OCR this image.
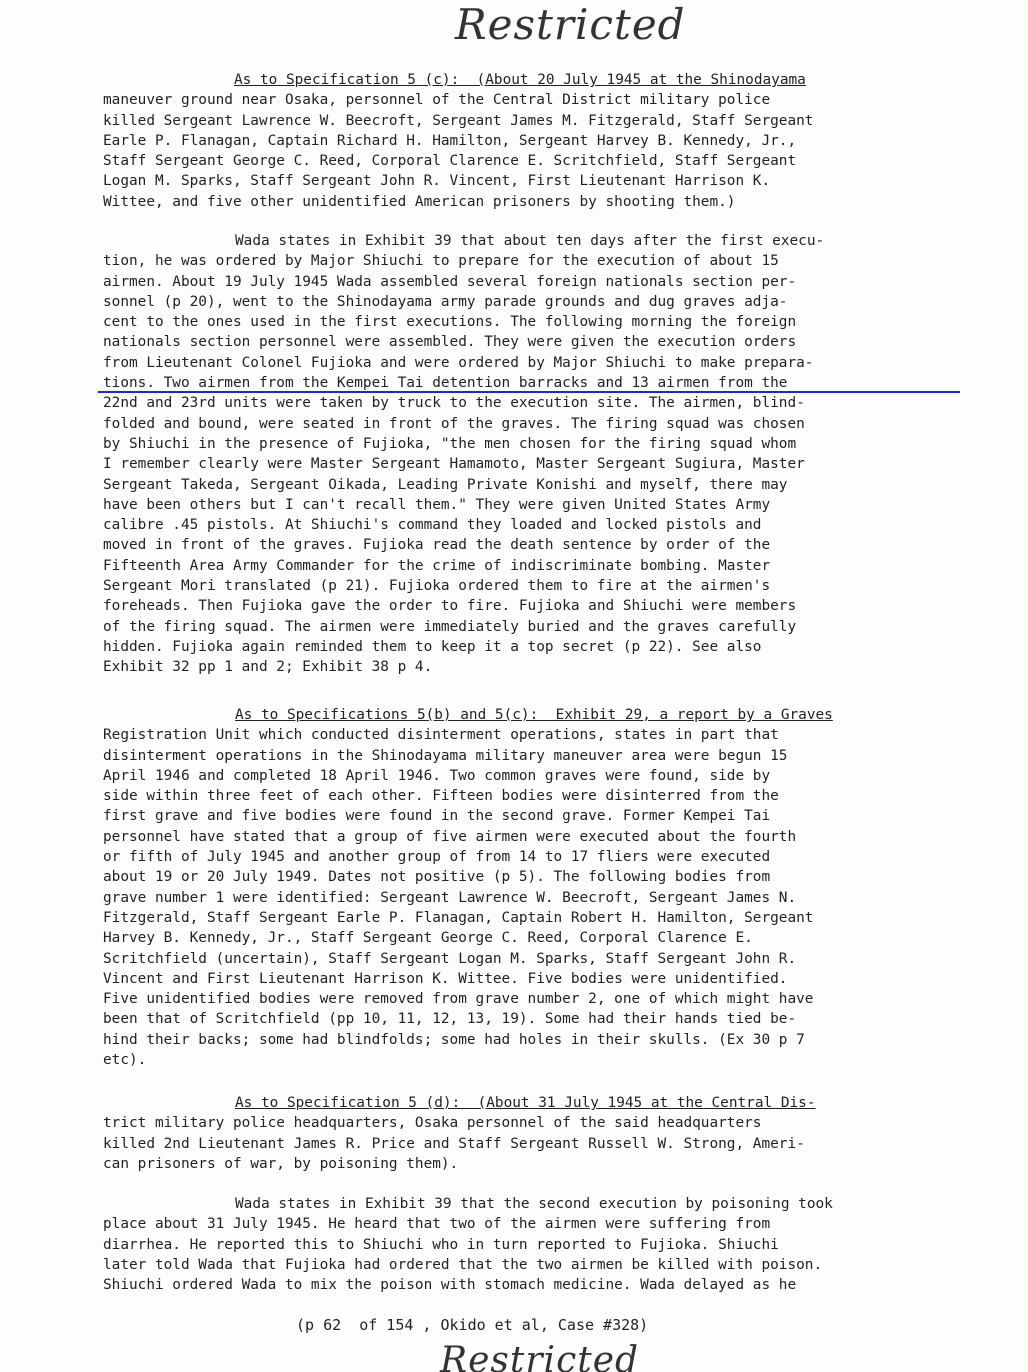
Restricted
As to Specification 5 (c):  (About 20 July 1945 at the Shinodayama
maneuver ground near Osaka, personnel of the Central District military police
killed Sergeant Lawrence W. Beecroft, Sergeant James M. Fitzgerald, Staff Sergeant
Earle P. Flanagan, Captain Richard H. Hamilton, Sergeant Harvey B. Kennedy, Jr.,
Staff Sergeant George C. Reed, Corporal Clarence E. Scritchfield, Staff Sergeant
Logan M. Sparks, Staff Sergeant John R. Vincent, First Lieutenant Harrison K.
Wittee, and five other unidentified American prisoners by shooting them.)
Wada states in Exhibit 39 that about ten days after the first execu-
tion, he was ordered by Major Shiuchi to prepare for the execution of about 15
airmen. About 19 July 1945 Wada assembled several foreign nationals section per-
sonnel (p 20), went to the Shinodayama army parade grounds and dug graves adja-
cent to the ones used in the first executions. The following morning the foreign
nationals section personnel were assembled. They were given the execution orders
from Lieutenant Colonel Fujioka and were ordered by Major Shiuchi to make prepara-
tions. Two airmen from the Kempei Tai detention barracks and 13 airmen from the
22nd and 23rd units were taken by truck to the execution site. The airmen, blind-
folded and bound, were seated in front of the graves. The firing squad was chosen
by Shiuchi in the presence of Fujioka, "the men chosen for the firing squad whom
I remember clearly were Master Sergeant Hamamoto, Master Sergeant Sugiura, Master
Sergeant Takeda, Sergeant Oikada, Leading Private Konishi and myself, there may
have been others but I can't recall them." They were given United States Army
calibre .45 pistols. At Shiuchi's command they loaded and locked pistols and
moved in front of the graves. Fujioka read the death sentence by order of the
Fifteenth Area Army Commander for the crime of indiscriminate bombing. Master
Sergeant Mori translated (p 21). Fujioka ordered them to fire at the airmen's
foreheads. Then Fujioka gave the order to fire. Fujioka and Shiuchi were members
of the firing squad. The airmen were immediately buried and the graves carefully
hidden. Fujioka again reminded them to keep it a top secret (p 22). See also
Exhibit 32 pp 1 and 2; Exhibit 38 p 4.
As to Specifications 5(b) and 5(c):  Exhibit 29, a report by a Graves
Registration Unit which conducted disinterment operations, states in part that
disinterment operations in the Shinodayama military maneuver area were begun 15
April 1946 and completed 18 April 1946. Two common graves were found, side by
side within three feet of each other. Fifteen bodies were disinterred from the
first grave and five bodies were found in the second grave. Former Kempei Tai
personnel have stated that a group of five airmen were executed about the fourth
or fifth of July 1945 and another group of from 14 to 17 fliers were executed
about 19 or 20 July 1949. Dates not positive (p 5). The following bodies from
grave number 1 were identified: Sergeant Lawrence W. Beecroft, Sergeant James N.
Fitzgerald, Staff Sergeant Earle P. Flanagan, Captain Robert H. Hamilton, Sergeant
Harvey B. Kennedy, Jr., Staff Sergeant George C. Reed, Corporal Clarence E.
Scritchfield (uncertain), Staff Sergeant Logan M. Sparks, Staff Sergeant John R.
Vincent and First Lieutenant Harrison K. Wittee. Five bodies were unidentified.
Five unidentified bodies were removed from grave number 2, one of which might have
been that of Scritchfield (pp 10, 11, 12, 13, 19). Some had their hands tied be-
hind their backs; some had blindfolds; some had holes in their skulls. (Ex 30 p 7
etc).
As to Specification 5 (d):  (About 31 July 1945 at the Central Dis-
trict military police headquarters, Osaka personnel of the said headquarters
killed 2nd Lieutenant James R. Price and Staff Sergeant Russell W. Strong, Ameri-
can prisoners of war, by poisoning them).
Wada states in Exhibit 39 that the second execution by poisoning took
place about 31 July 1945. He heard that two of the airmen were suffering from
diarrhea. He reported this to Shiuchi who in turn reported to Fujioka. Shiuchi
later told Wada that Fujioka had ordered that the two airmen be killed with poison.
Shiuchi ordered Wada to mix the poison with stomach medicine. Wada delayed as he
(p 62  of 154 , Okido et al, Case #328)
Restricted
